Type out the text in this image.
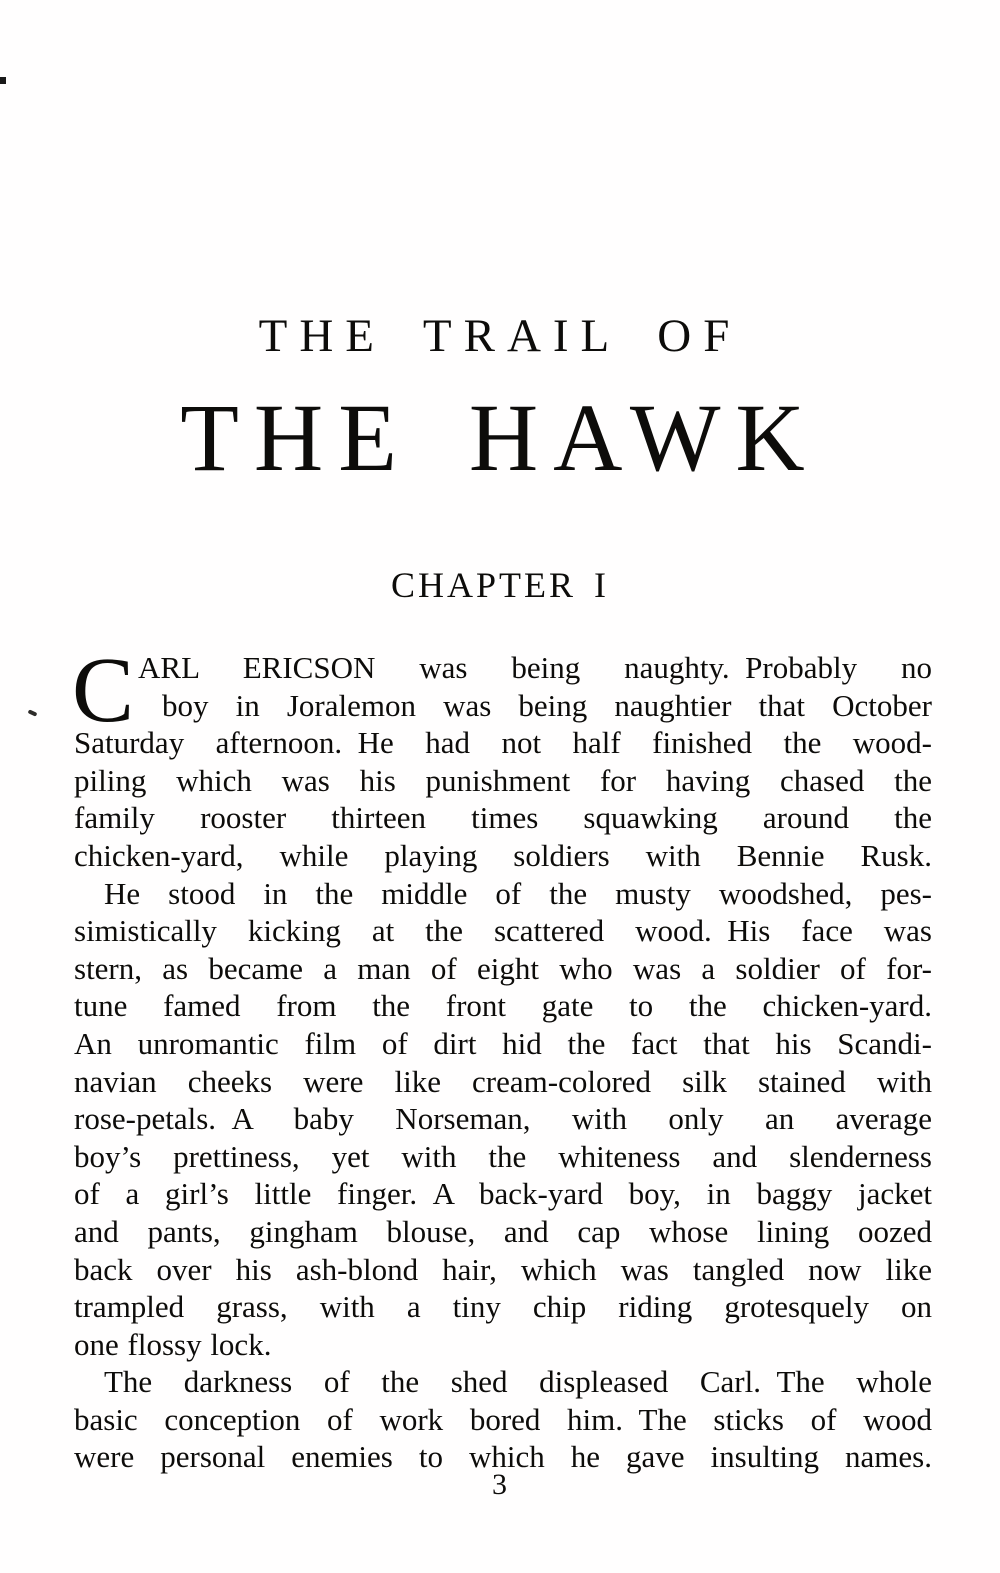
THE TRAIL OF
THE HAWK
CHAPTER I
C ARL ERICSON was being naughty. Probably no
boy in Joralemon was being naughtier that October
Saturday afternoon. He had not half finished the wood-
piling which was his punishment for having chased the
family rooster thirteen times squawking around the
chicken-yard, while playing soldiers with Bennie Rusk.
He stood in the middle of the musty woodshed, pes-
simistically kicking at the scattered wood. His face was
stern, as became a man of eight who was a soldier of for-
tune famed from the front gate to the chicken-yard.
An unromantic film of dirt hid the fact that his Scandi-
navian cheeks were like cream-colored silk stained with
rose-petals. A baby Norseman, with only an average
boy’s prettiness, yet with the whiteness and slenderness
of a girl’s little finger. A back-yard boy, in baggy jacket
and pants, gingham blouse, and cap whose lining oozed
back over his ash-blond hair, which was tangled now like
trampled grass, with a tiny chip riding grotesquely on
one flossy lock.
The darkness of the shed displeased Carl. The whole
basic conception of work bored him. The sticks of wood
were personal enemies to which he gave insulting names.
3
